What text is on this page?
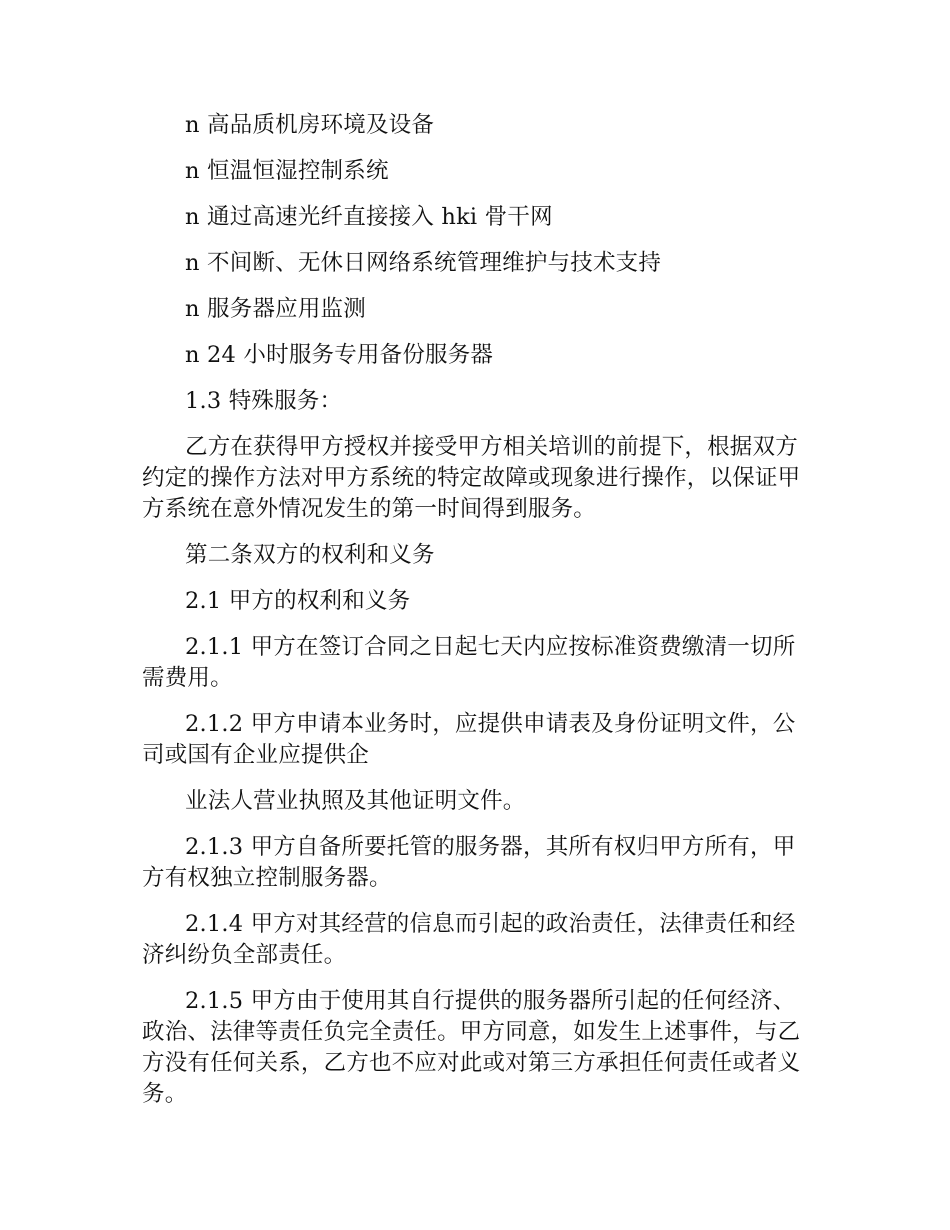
n 高品质机房环境及设备

n 恒温恒湿控制系统

n 通过高速光纤直接接入 hki 骨干网

n 不间断、无休日网络系统管理维护与技术支持

n 服务器应用监测

n 24 小时服务专用备份服务器

1.3 特殊服务：

乙方在获得甲方授权并接受甲方相关培训的前提下，根据双方约定的操作方法对甲方系统的特定故障或现象进行操作，以保证甲方系统在意外情况发生的第一时间得到服务。

第二条双方的权利和义务

2.1 甲方的权利和义务

2.1.1 甲方在签订合同之日起七天内应按标准资费缴清一切所需费用。

2.1.2 甲方申请本业务时，应提供申请表及身份证明文件，公司或国有企业应提供企

业法人营业执照及其他证明文件。

2.1.3 甲方自备所要托管的服务器，其所有权归甲方所有，甲方有权独立控制服务器。

2.1.4 甲方对其经营的信息而引起的政治责任，法律责任和经济纠纷负全部责任。

2.1.5 甲方由于使用其自行提供的服务器所引起的任何经济、政治、法律等责任负完全责任。甲方同意，如发生上述事件，与乙方没有任何关系，乙方也不应对此或对第三方承担任何责任或者义务。
